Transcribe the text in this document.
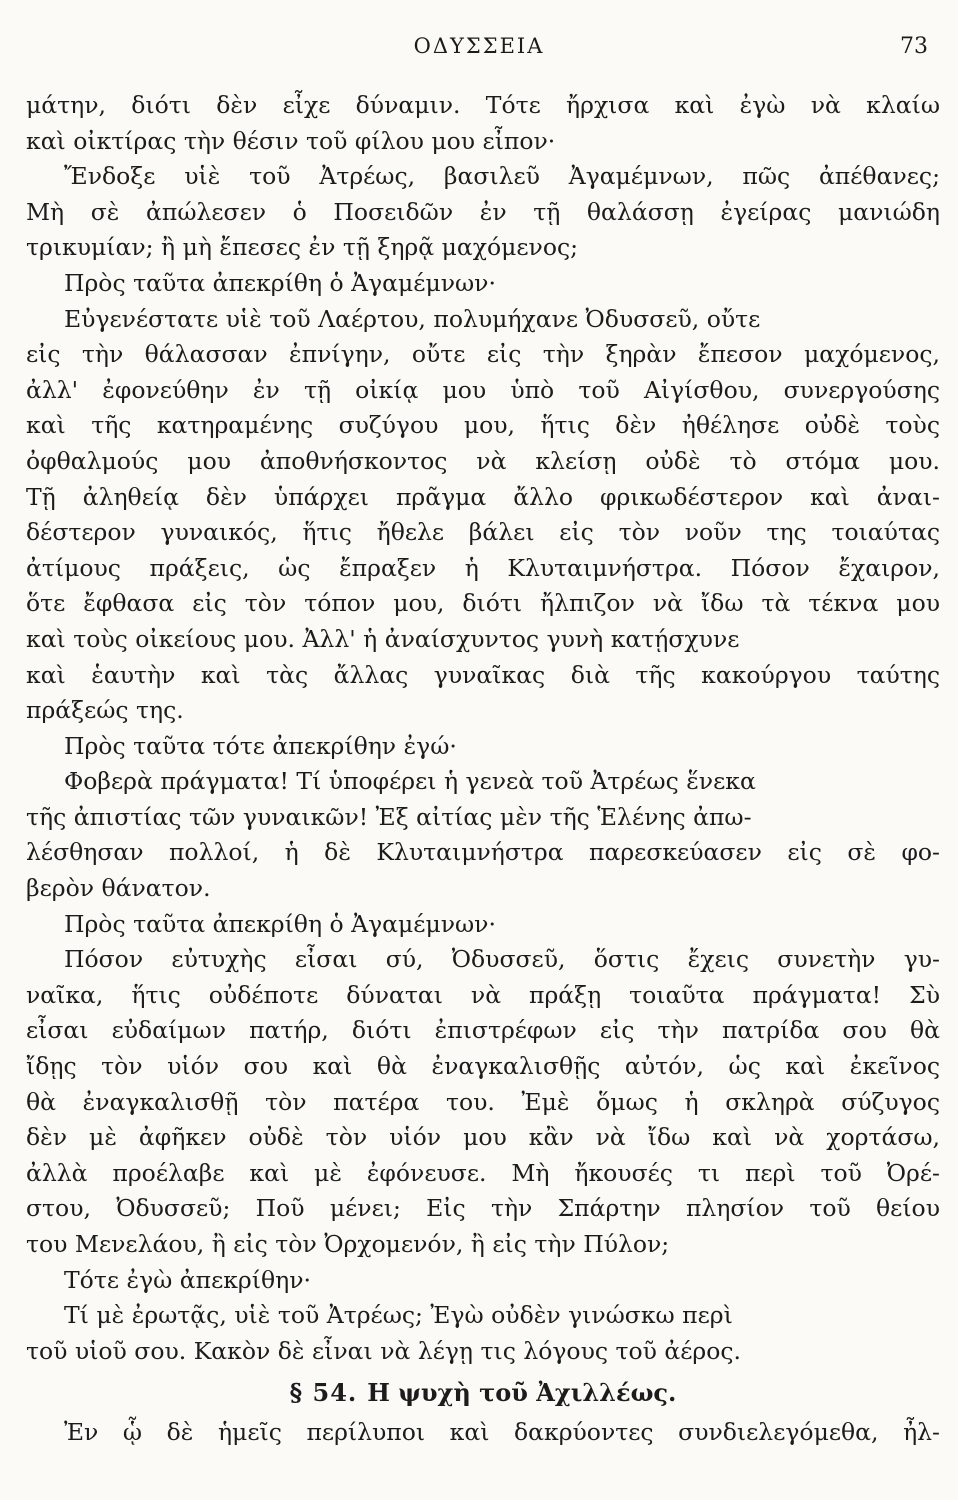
ΟΔΥΣΣΕΙΑ	73
μάτην, διότι δὲν εἶχε δύναμιν. Τότε ἤρχισα καὶ ἐγὼ νὰ κλαίω
καὶ οἰκτίρας τὴν θέσιν τοῦ φίλου μου εἶπον·
Ἔνδοξε υἱὲ τοῦ Ἀτρέως, βασιλεῦ Ἀγαμέμνων, πῶς ἀπέθανες;
Μὴ σὲ ἀπώλεσεν ὁ Ποσειδῶν ἐν τῇ θαλάσσῃ ἐγείρας μανιώδη
τρικυμίαν; ἢ μὴ ἔπεσες ἐν τῇ ξηρᾷ μαχόμενος;
Πρὸς ταῦτα ἀπεκρίθη ὁ Ἀγαμέμνων·
Εὐγενέστατε υἱὲ τοῦ Λαέρτου, πολυμήχανε Ὀδυσσεῦ, οὔτε
εἰς τὴν θάλασσαν ἐπνίγην, οὔτε εἰς τὴν ξηρὰν ἔπεσον μαχόμενος,
ἀλλ' ἐφονεύθην ἐν τῇ οἰκίᾳ μου ὑπὸ τοῦ Αἰγίσθου, συνεργούσης
καὶ τῆς κατηραμένης συζύγου μου, ἥτις δὲν ἠθέλησε οὐδὲ τοὺς
ὀφθαλμούς μου ἀποθνήσκοντος νὰ κλείσῃ οὐδὲ τὸ στόμα μου.
Τῇ ἀληθείᾳ δὲν ὑπάρχει πρᾶγμα ἄλλο φρικωδέστερον καὶ ἀναι-
δέστερον γυναικός, ἥτις ἤθελε βάλει εἰς τὸν νοῦν της τοιαύτας
ἀτίμους πράξεις, ὡς ἔπραξεν ἡ Κλυταιμνήστρα. Πόσον ἔχαιρον,
ὅτε ἔφθασα εἰς τὸν τόπον μου, διότι ἤλπιζον νὰ ἴδω τὰ τέκνα μου
καὶ τοὺς οἰκείους μου. Ἀλλ' ἡ ἀναίσχυντος γυνὴ κατῄσχυνε
καὶ ἑαυτὴν καὶ τὰς ἄλλας γυναῖκας διὰ τῆς κακούργου ταύτης
πράξεώς της.
Πρὸς ταῦτα τότε ἀπεκρίθην ἐγώ·
Φοβερὰ πράγματα! Τί ὑποφέρει ἡ γενεὰ τοῦ Ἀτρέως ἕνεκα
τῆς ἀπιστίας τῶν γυναικῶν! Ἐξ αἰτίας μὲν τῆς Ἑλένης ἀπω-
λέσθησαν πολλοί, ἡ δὲ Κλυταιμνήστρα παρεσκεύασεν εἰς σὲ φο-
βερὸν θάνατον.
Πρὸς ταῦτα ἀπεκρίθη ὁ Ἀγαμέμνων·
Πόσον εὐτυχὴς εἶσαι σύ, Ὀδυσσεῦ, ὅστις ἔχεις συνετὴν γυ-
ναῖκα, ἥτις οὐδέποτε δύναται νὰ πράξῃ τοιαῦτα πράγματα! Σὺ
εἶσαι εὐδαίμων πατήρ, διότι ἐπιστρέφων εἰς τὴν πατρίδα σου θὰ
ἴδῃς τὸν υἱόν σου καὶ θὰ ἐναγκαλισθῇς αὐτόν, ὡς καὶ ἐκεῖνος
θὰ ἐναγκαλισθῇ τὸν πατέρα του. Ἐμὲ ὅμως ἡ σκληρὰ σύζυγος
δὲν μὲ ἀφῆκεν οὐδὲ τὸν υἱόν μου κἂν νὰ ἴδω καὶ νὰ χορτάσω,
ἀλλὰ προέλαβε καὶ μὲ ἐφόνευσε. Μὴ ἤκουσές τι περὶ τοῦ Ὀρέ-
στου, Ὀδυσσεῦ; Ποῦ μένει; Εἰς τὴν Σπάρτην πλησίον τοῦ θείου
του Μενελάου, ἢ εἰς τὸν Ὀρχομενόν, ἢ εἰς τὴν Πύλον;
Τότε ἐγὼ ἀπεκρίθην·
Τί μὲ ἐρωτᾷς, υἱὲ τοῦ Ἀτρέως; Ἐγὼ οὐδὲν γινώσκω περὶ
τοῦ υἱοῦ σου. Κακὸν δὲ εἶναι νὰ λέγῃ τις λόγους τοῦ ἀέρος.
§ 54. Η ψυχὴ τοῦ Ἀχιλλέως.
Ἐν ᾧ δὲ ἡμεῖς περίλυποι καὶ δακρύοντες συνδιελεγόμεθα, ἦλ-
